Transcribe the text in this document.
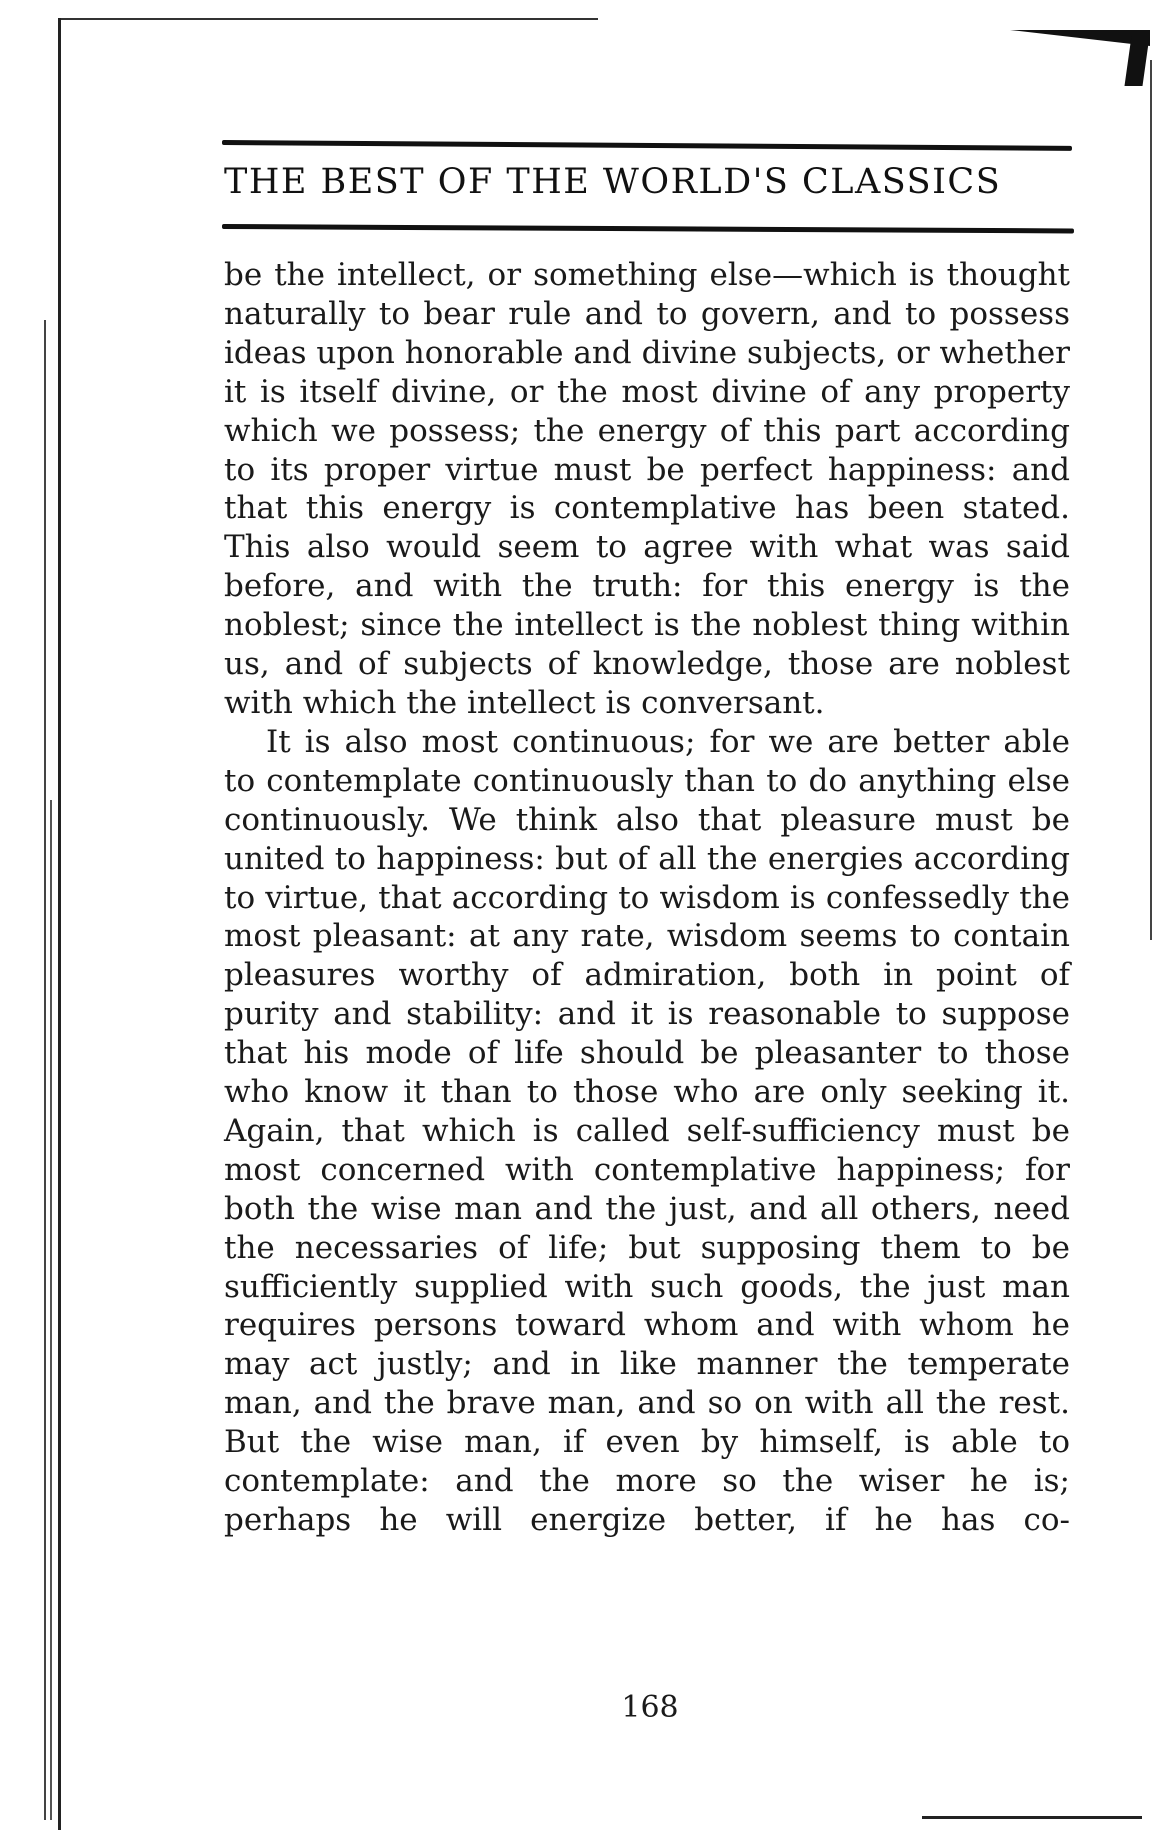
THE BEST OF THE WORLD'S CLASSICS

be the intellect, or something else—which is thought naturally to bear rule and to govern, and to possess ideas upon honorable and divine subjects, or whether it is itself divine, or the most divine of any property which we possess; the energy of this part according to its proper virtue must be perfect happiness: and that this energy is contemplative has been stated. This also would seem to agree with what was said before, and with the truth: for this energy is the noblest; since the intellect is the noblest thing within us, and of subjects of knowledge, those are noblest with which the intellect is conversant.

It is also most continuous; for we are better able to contemplate continuously than to do anything else continuously. We think also that pleasure must be united to happiness: but of all the energies according to virtue, that according to wisdom is confessedly the most pleasant: at any rate, wisdom seems to contain pleasures worthy of admiration, both in point of purity and stability: and it is reasonable to suppose that his mode of life should be pleasanter to those who know it than to those who are only seeking it. Again, that which is called self-sufficiency must be most concerned with contemplative happiness; for both the wise man and the just, and all others, need the necessaries of life; but supposing them to be sufficiently supplied with such goods, the just man requires persons toward whom and with whom he may act justly; and in like manner the temperate man, and the brave man, and so on with all the rest. But the wise man, if even by himself, is able to contemplate: and the more so the wiser he is; perhaps he will energize better, if he has co-

168
